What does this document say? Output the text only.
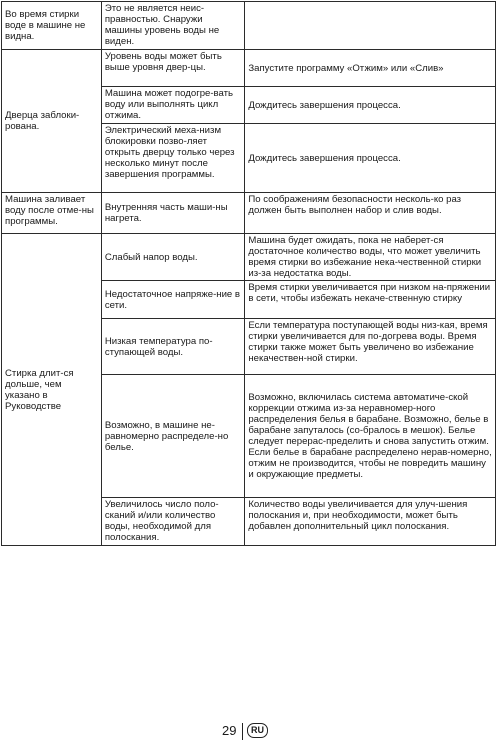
Во время стирки воде в машине не видна.	Это не является неис-правностью. Снаружи машины уровень воды не виден.	
Дверца заблоки-рована.	Уровень воды может быть выше уровня двер-цы.	Запустите программу «Отжим» или «Слив»
	Машина может подогре-вать воду или выполнять цикл отжима.	Дождитесь завершения процесса.
	Электрический меха-низм блокировки позво-ляет открыть дверцу только через несколько минут после завершения программы.	Дождитесь завершения процесса.
Машина заливает воду после отме-ны программы.	Внутренняя часть маши-ны нагрета.	По соображениям безопасности несколь-ко раз должен быть выполнен набор и слив воды.
Стирка длит-ся дольше, чем указано в Руководстве	Слабый напор воды.	Машина будет ожидать, пока не наберет-ся достаточное количество воды, что может увеличить время стирки во избежание нека-чественной стирки из-за недостатка воды.
	Недостаточное напряже-ние в сети.	Время стирки увеличивается при низком на-пряжении в сети, чтобы избежать некаче-ственную стирку
	Низкая температура по-ступающей воды.	Если температура поступающей воды низ-кая, время стирки увеличивается для по-догрева воды. Время стирки также может быть увеличено во избежание некачествен-ной стирки.
	Возможно, в машине не-равномерно распределе-но белье.	Возможно, включилась система автоматиче-ской коррекции отжима из-за неравномер-ного распределения белья в барабане. Возможно, белье в барабане запуталось (со-бралось в мешок). Белье следует перерас-пределить и снова запустить отжим. Если белье в барабане распределено нерав-номерно, отжим не производится, чтобы не повредить машину и окружающие предметы.
	Увеличилось число поло-сканий и/или количество воды, необходимой для полоскания.	Количество воды увеличивается для улуч-шения полоскания и, при необходимости, может быть добавлен дополнительный цикл полоскания.
29	RU
